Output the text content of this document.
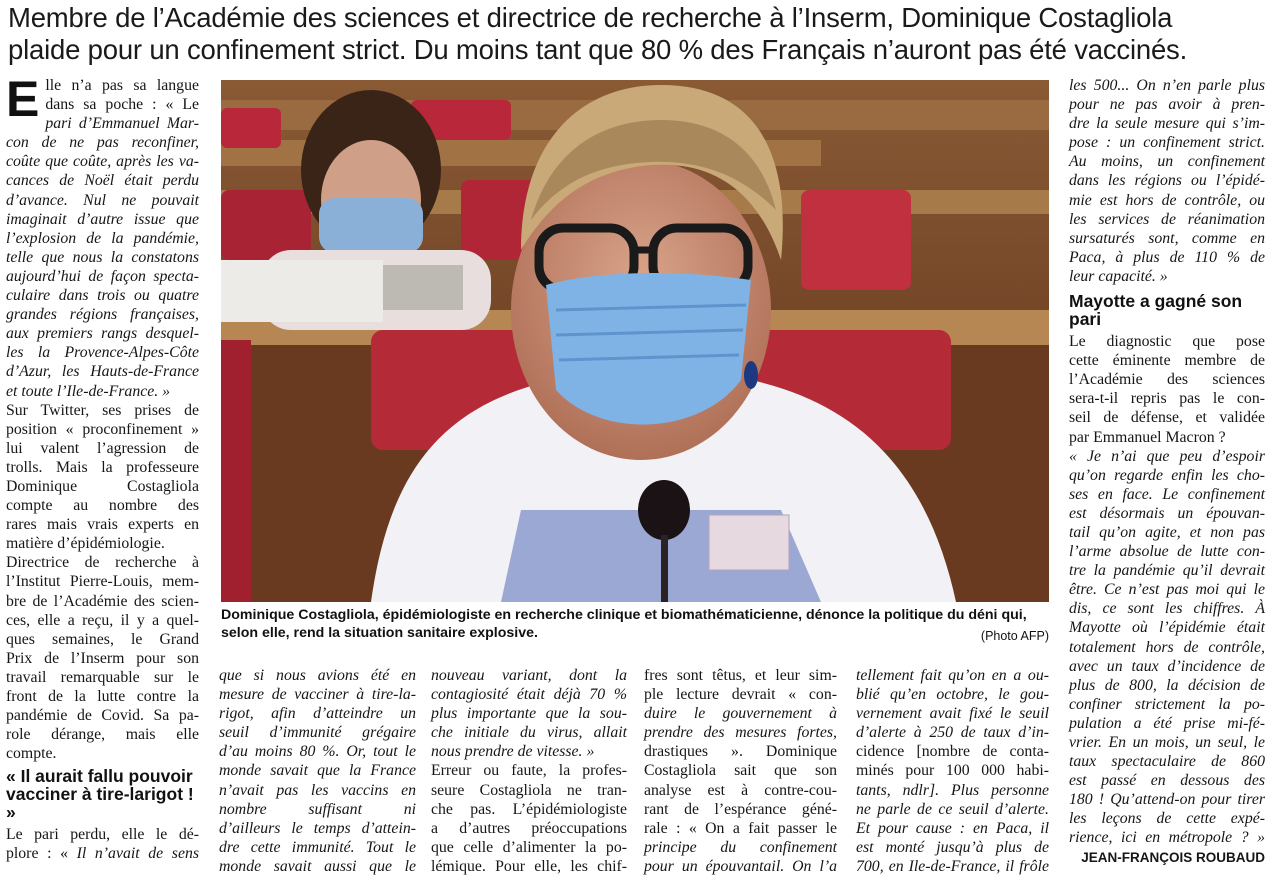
Membre de l’Académie des sciences et directrice de recherche à l’Inserm, Dominique Costagliola
plaide pour un confinement strict. Du moins tant que 80 % des Français n’auront pas été vaccinés.
E lle n’a pas sa langue
dans sa poche : « Le
pari d’Emmanuel Mar-
con de ne pas reconfiner,
coûte que coûte, après les va-
cances de Noël était perdu
d’avance. Nul ne pouvait
imaginait d’autre issue que
l’explosion de la pandémie,
telle que nous la constatons
aujourd’hui de façon specta-
culaire dans trois ou quatre
grandes régions françaises,
aux premiers rangs desquel-
les la Provence-Alpes-Côte
d’Azur, les Hauts-de-France
et toute l’Ile-de-France. »
Sur Twitter, ses prises de
position « proconfinement »
lui valent l’agression de
trolls. Mais la professeure
Dominique Costagliola
compte au nombre des
rares mais vrais experts en
matière d’épidémiologie.
Directrice de recherche à
l’Institut Pierre-Louis, mem-
bre de l’Académie des scien-
ces, elle a reçu, il y a quel-
ques semaines, le Grand
Prix de l’Inserm pour son
travail remarquable sur le
front de la lutte contre la
pandémie de Covid. Sa pa-
role dérange, mais elle
compte.
« Il aurait fallu pouvoir vacciner à tire-larigot ! »
Le pari perdu, elle le dé-
plore : « Il n’avait de sens
Dominique Costagliola, épidémiologiste en recherche clinique et biomathématicienne, dénonce la politique du déni qui, selon elle, rend la situation sanitaire explosive.	(Photo AFP)
que si nous avions été en
mesure de vacciner à tire-la-
rigot, afin d’atteindre un
seuil d’immunité grégaire
d’au moins 80 %. Or, tout le
monde savait que la France
n’avait pas les vaccins en
nombre suffisant ni
d’ailleurs le temps d’attein-
dre cette immunité. Tout le
monde savait aussi que le
nouveau variant, dont la
contagiosité était déjà 70 %
plus importante que la sou-
che initiale du virus, allait
nous prendre de vitesse. »
Erreur ou faute, la profes-
seure Costagliola ne tran-
che pas. L’épidémiologiste
a d’autres préoccupations
que celle d’alimenter la po-
lémique. Pour elle, les chif-
fres sont têtus, et leur sim-
ple lecture devrait « con-
duire le gouvernement à
prendre des mesures fortes,
drastiques ». Dominique
Costagliola sait que son
analyse est à contre-cou-
rant de l’espérance géné-
rale : « On a fait passer le
principe du confinement
pour un épouvantail. On l’a
tellement fait qu’on en a ou-
blié qu’en octobre, le gou-
vernement avait fixé le seuil
d’alerte à 250 de taux d’in-
cidence [nombre de conta-
minés pour 100 000 habi-
tants, ndlr]. Plus personne
ne parle de ce seuil d’alerte.
Et pour cause : en Paca, il
est monté jusqu’à plus de
700, en Ile-de-France, il frôle
les 500... On n’en parle plus
pour ne pas avoir à pren-
dre la seule mesure qui s’im-
pose : un confinement strict.
Au moins, un confinement
dans les régions ou l’épidé-
mie est hors de contrôle, ou
les services de réanimation
sursaturés sont, comme en
Paca, à plus de 110 % de
leur capacité. »
Mayotte a gagné son pari
Le diagnostic que pose
cette éminente membre de
l’Académie des sciences
sera-t-il repris pas le con-
seil de défense, et validée
par Emmanuel Macron ?
« Je n’ai que peu d’espoir
qu’on regarde enfin les cho-
ses en face. Le confinement
est désormais un épouvan-
tail qu’on agite, et non pas
l’arme absolue de lutte con-
tre la pandémie qu’il devrait
être. Ce n’est pas moi qui le
dis, ce sont les chiffres. À
Mayotte où l’épidémie était
totalement hors de contrôle,
avec un taux d’incidence de
plus de 800, la décision de
confiner strictement la po-
pulation a été prise mi-fé-
vrier. En un mois, un seul, le
taux spectaculaire de 860
est passé en dessous des
180 ! Qu’attend-on pour tirer
les leçons de cette expé-
rience, ici en métropole ? »
JEAN-FRANÇOIS ROUBAUD
